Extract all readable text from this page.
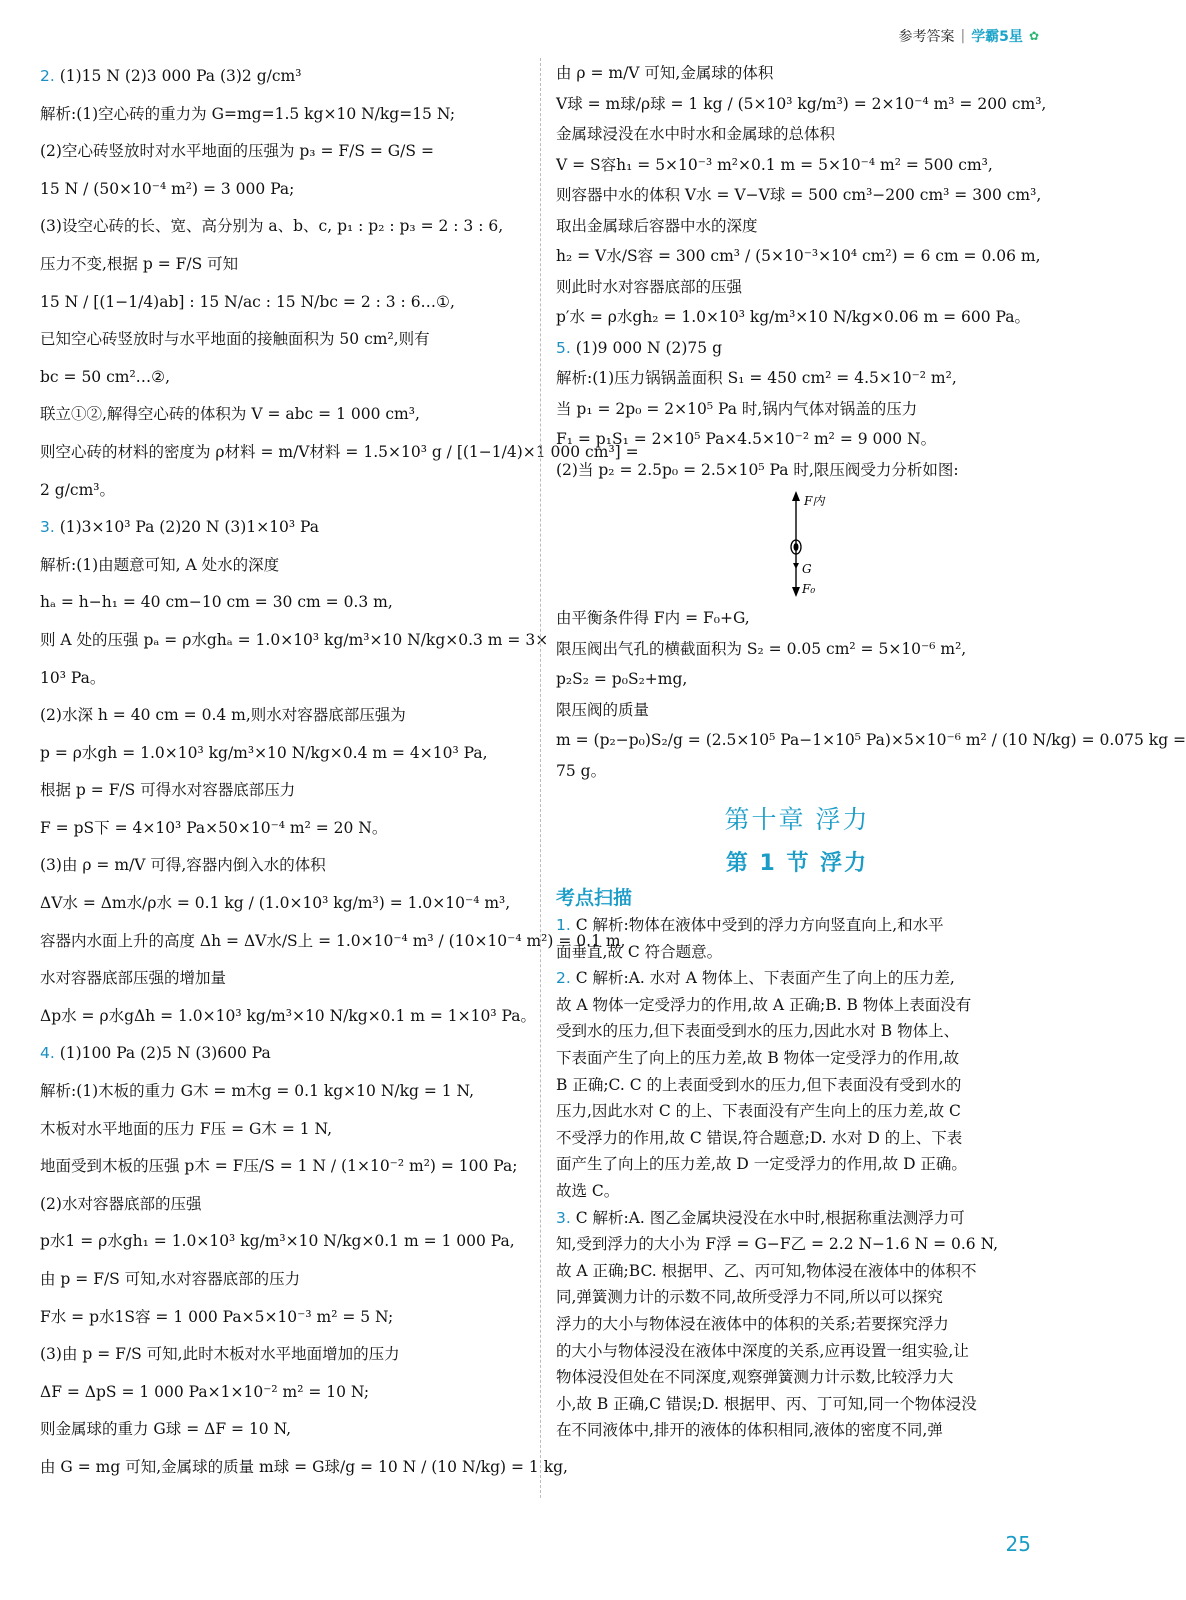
参考答案 | 学霸5星 ✿

2. (1)15 N (2)3 000 Pa (3)2 g/cm³

解析:(1)空心砖的重力为 G=mg=1.5 kg×10 N/kg=15 N;

(2)空心砖竖放时对水平地面的压强为 p₃ = F/S = G/S =

15 N / (50×10⁻⁴ m²) = 3 000 Pa;

(3)设空心砖的长、宽、高分别为 a、b、c, p₁ : p₂ : p₃ = 2 : 3 : 6,

压力不变,根据 p = F/S 可知

15 N / [(1−1/4)ab] : 15 N/ac : 15 N/bc = 2 : 3 : 6…①,

已知空心砖竖放时与水平地面的接触面积为 50 cm²,则有

bc = 50 cm²…②,

联立①②,解得空心砖的体积为 V = abc = 1 000 cm³,

则空心砖的材料的密度为 ρ材料 = m/V材料 = 1.5×10³ g / [(1−1/4)×1 000 cm³] =

2 g/cm³。

3. (1)3×10³ Pa (2)20 N (3)1×10³ Pa

解析:(1)由题意可知, A 处水的深度

hₐ = h−h₁ = 40 cm−10 cm = 30 cm = 0.3 m,

则 A 处的压强 pₐ = ρ水ghₐ = 1.0×10³ kg/m³×10 N/kg×0.3 m = 3×

10³ Pa。

(2)水深 h = 40 cm = 0.4 m,则水对容器底部压强为

p = ρ水gh = 1.0×10³ kg/m³×10 N/kg×0.4 m = 4×10³ Pa,

根据 p = F/S 可得水对容器底部压力

F = pS下 = 4×10³ Pa×50×10⁻⁴ m² = 20 N。

(3)由 ρ = m/V 可得,容器内倒入水的体积

ΔV水 = Δm水/ρ水 = 0.1 kg / (1.0×10³ kg/m³) = 1.0×10⁻⁴ m³,

容器内水面上升的高度 Δh = ΔV水/S上 = 1.0×10⁻⁴ m³ / (10×10⁻⁴ m²) = 0.1 m,

水对容器底部压强的增加量

Δp水 = ρ水gΔh = 1.0×10³ kg/m³×10 N/kg×0.1 m = 1×10³ Pa。

4. (1)100 Pa (2)5 N (3)600 Pa

解析:(1)木板的重力 G木 = m木g = 0.1 kg×10 N/kg = 1 N,

木板对水平地面的压力 F压 = G木 = 1 N,

地面受到木板的压强 p木 = F压/S = 1 N / (1×10⁻² m²) = 100 Pa;

(2)水对容器底部的压强

p水1 = ρ水gh₁ = 1.0×10³ kg/m³×10 N/kg×0.1 m = 1 000 Pa,

由 p = F/S 可知,水对容器底部的压力

F水 = p水1S容 = 1 000 Pa×5×10⁻³ m² = 5 N;

(3)由 p = F/S 可知,此时木板对水平地面增加的压力

ΔF = ΔpS = 1 000 Pa×1×10⁻² m² = 10 N;

则金属球的重力 G球 = ΔF = 10 N,

由 G = mg 可知,金属球的质量 m球 = G球/g = 10 N / (10 N/kg) = 1 kg,

由 ρ = m/V 可知,金属球的体积

V球 = m球/ρ球 = 1 kg / (5×10³ kg/m³) = 2×10⁻⁴ m³ = 200 cm³,

金属球浸没在水中时水和金属球的总体积

V = S容h₁ = 5×10⁻³ m²×0.1 m = 5×10⁻⁴ m² = 500 cm³,

则容器中水的体积 V水 = V−V球 = 500 cm³−200 cm³ = 300 cm³,

取出金属球后容器中水的深度

h₂ = V水/S容 = 300 cm³ / (5×10⁻³×10⁴ cm²) = 6 cm = 0.06 m,

则此时水对容器底部的压强

p′水 = ρ水gh₂ = 1.0×10³ kg/m³×10 N/kg×0.06 m = 600 Pa。

5. (1)9 000 N (2)75 g

解析:(1)压力锅锅盖面积 S₁ = 450 cm² = 4.5×10⁻² m²,

当 p₁ = 2p₀ = 2×10⁵ Pa 时,锅内气体对锅盖的压力

F₁ = p₁S₁ = 2×10⁵ Pa×4.5×10⁻² m² = 9 000 N。

(2)当 p₂ = 2.5p₀ = 2.5×10⁵ Pa 时,限压阀受力分析如图:

F内
G
F₀

由平衡条件得 F内 = F₀+G,

限压阀出气孔的横截面积为 S₂ = 0.05 cm² = 5×10⁻⁶ m²,

p₂S₂ = p₀S₂+mg,

限压阀的质量

m = (p₂−p₀)S₂/g = (2.5×10⁵ Pa−1×10⁵ Pa)×5×10⁻⁶ m² / (10 N/kg) = 0.075 kg =

75 g。

第十章 浮力
第 1 节 浮力
考点扫描

1. C 解析:物体在液体中受到的浮力方向竖直向上,和水平

面垂直,故 C 符合题意。

2. C 解析:A. 水对 A 物体上、下表面产生了向上的压力差,

故 A 物体一定受浮力的作用,故 A 正确;B. B 物体上表面没有

受到水的压力,但下表面受到水的压力,因此水对 B 物体上、

下表面产生了向上的压力差,故 B 物体一定受浮力的作用,故

B 正确;C. C 的上表面受到水的压力,但下表面没有受到水的

压力,因此水对 C 的上、下表面没有产生向上的压力差,故 C

不受浮力的作用,故 C 错误,符合题意;D. 水对 D 的上、下表

面产生了向上的压力差,故 D 一定受浮力的作用,故 D 正确。

故选 C。

3. C 解析:A. 图乙金属块浸没在水中时,根据称重法测浮力可

知,受到浮力的大小为 F浮 = G−F乙 = 2.2 N−1.6 N = 0.6 N,

故 A 正确;BC. 根据甲、乙、丙可知,物体浸在液体中的体积不

同,弹簧测力计的示数不同,故所受浮力不同,所以可以探究

浮力的大小与物体浸在液体中的体积的关系;若要探究浮力

的大小与物体浸没在液体中深度的关系,应再设置一组实验,让

物体浸没但处在不同深度,观察弹簧测力计示数,比较浮力大

小,故 B 正确,C 错误;D. 根据甲、丙、丁可知,同一个物体浸没

在不同液体中,排开的液体的体积相同,液体的密度不同,弹

25
